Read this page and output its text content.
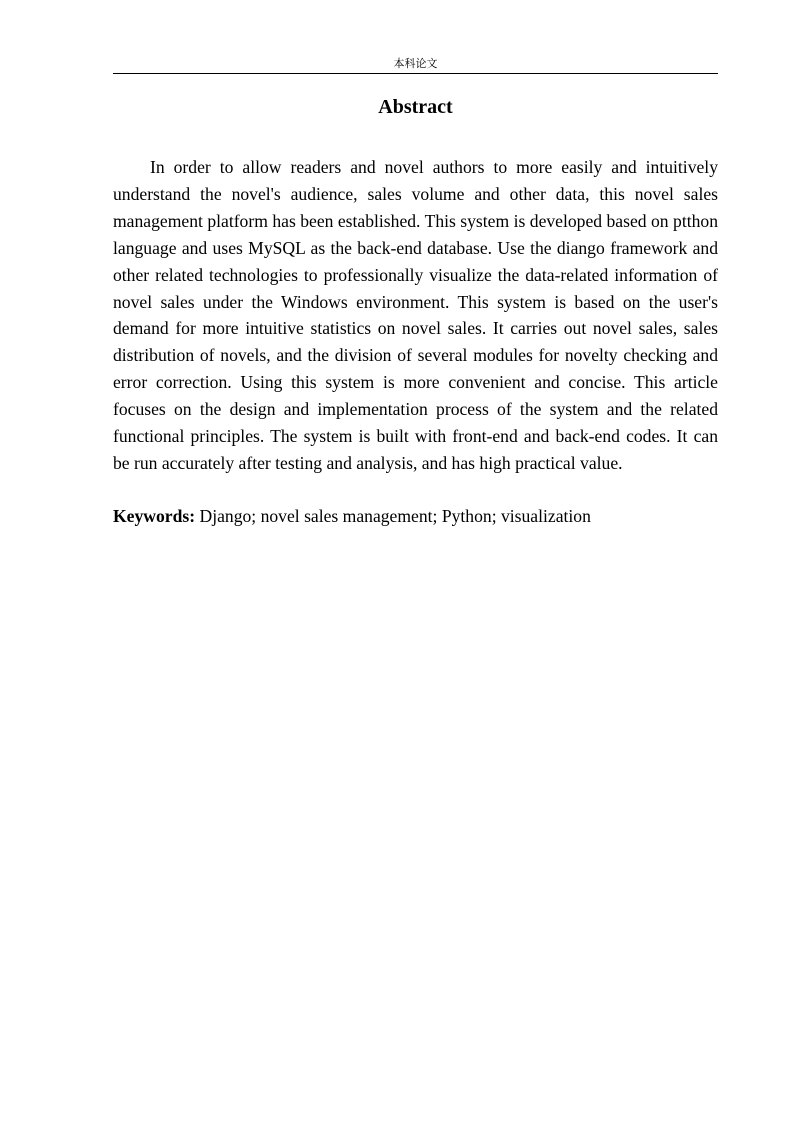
本科论文
Abstract

In order to allow readers and novel authors to more easily and intuitively understand the novel's audience, sales volume and other data, this novel sales management platform has been established. This system is developed based on ptthon language and uses MySQL as the back-end database. Use the diango framework and other related technologies to professionally visualize the data-related information of novel sales under the Windows environment. This system is based on the user's demand for more intuitive statistics on novel sales. It carries out novel sales, sales distribution of novels, and the division of several modules for novelty checking and error correction. Using this system is more convenient and concise. This article focuses on the design and implementation process of the system and the related functional principles. The system is built with front-end and back-end codes. It can be run accurately after testing and analysis, and has high practical value.

Keywords: Django; novel sales management; Python; visualization
